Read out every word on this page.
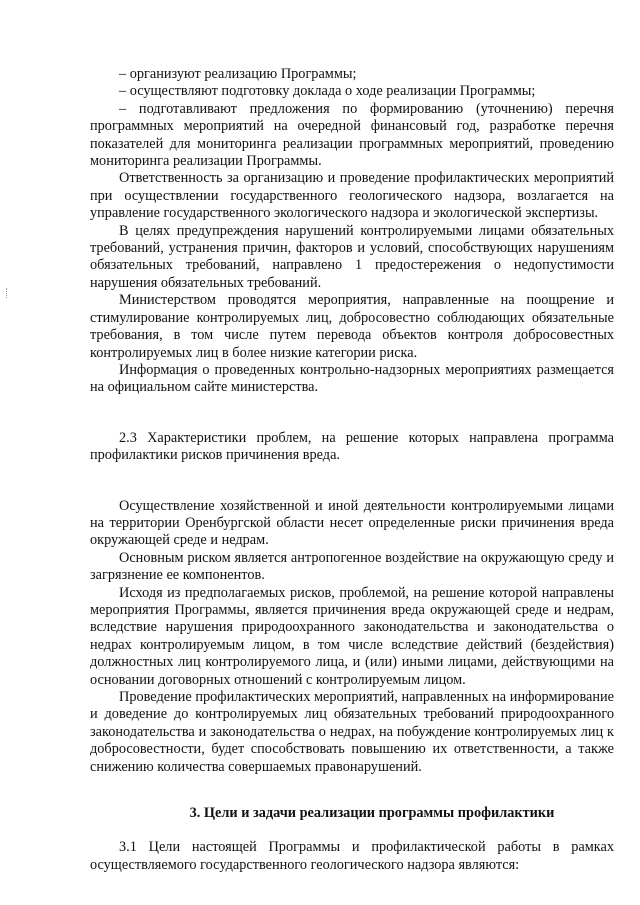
– организуют реализацию Программы;

– осуществляют подготовку доклада о ходе реализации Программы;

– подготавливают предложения по формированию (уточнению) перечня программных мероприятий на очередной финансовый год, разработке перечня показателей для мониторинга реализации программных мероприятий, проведению мониторинга реализации Программы.

Ответственность за организацию и проведение профилактических мероприятий при осуществлении государственного геологического надзора, возлагается на управление государственного экологического надзора и экологической экспертизы.

В целях предупреждения нарушений контролируемыми лицами обязательных требований, устранения причин, факторов и условий, способствующих нарушениям обязательных требований, направлено 1 предостережения о недопустимости нарушения обязательных требований.

Министерством проводятся мероприятия, направленные на поощрение и стимулирование контролируемых лиц, добросовестно соблюдающих обязательные требования, в том числе путем перевода объектов контроля добросовестных контролируемых лиц в более низкие категории риска.

Информация о проведенных контрольно-надзорных мероприятиях размещается на официальном сайте министерства.

2.3 Характеристики проблем, на решение которых направлена программа профилактики рисков причинения вреда.

Осуществление хозяйственной и иной деятельности контролируемыми лицами на территории Оренбургской области несет определенные риски причинения вреда окружающей среде и недрам.

Основным риском является антропогенное воздействие на окружающую среду и загрязнение ее компонентов.

Исходя из предполагаемых рисков, проблемой, на решение которой направлены мероприятия Программы, является причинения вреда окружающей среде и недрам, вследствие нарушения природоохранного законодательства и законодательства о недрах контролируемым лицом, в том числе вследствие действий (бездействия) должностных лиц контролируемого лица, и (или) иными лицами, действующими на основании договорных отношений с контролируемым лицом.

Проведение профилактических мероприятий, направленных на информирование и доведение до контролируемых лиц обязательных требований природоохранного законодательства и законодательства о недрах, на побуждение контролируемых лиц к добросовестности, будет способствовать повышению их ответственности, а также снижению количества совершаемых правонарушений.

3. Цели и задачи реализации программы профилактики

3.1 Цели настоящей Программы и профилактической работы в рамках осуществляемого государственного геологического надзора являются:
